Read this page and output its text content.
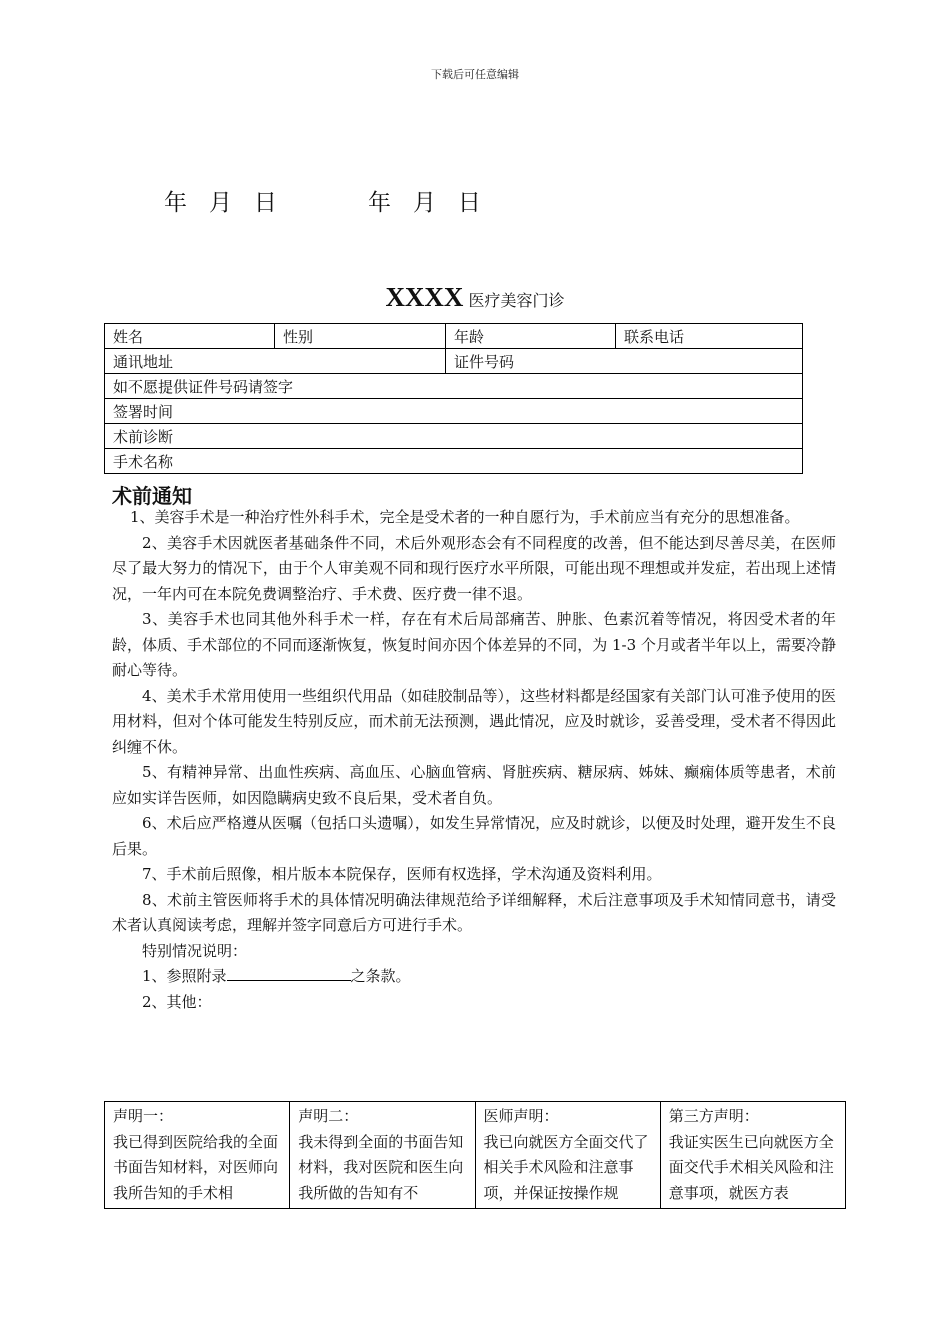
下载后可任意编辑
年 月 日	年 月 日
XXXX 医疗美容门诊
姓名	性别	年龄	联系电话
通讯地址		证件号码	
如不愿提供证件号码请签字			
签署时间			
术前诊断			
手术名称			
术前通知

1、美容手术是一种治疗性外科手术，完全是受术者的一种自愿行为，手术前应当有充分的思想准备。

2、美容手术因就医者基础条件不同，术后外观形态会有不同程度的改善，但不能达到尽善尽美，在医师尽了最大努力的情况下，由于个人审美观不同和现行医疗水平所限，可能出现不理想或并发症，若出现上述情况，一年内可在本院免费调整治疗、手术费、医疗费一律不退。

3、美容手术也同其他外科手术一样，存在有术后局部痛苦、肿胀、色素沉着等情况，将因受术者的年龄，体质、手术部位的不同而逐渐恢复，恢复时间亦因个体差异的不同，为 1-3 个月或者半年以上，需要冷静耐心等待。

4、美术手术常用使用一些组织代用品（如硅胶制品等），这些材料都是经国家有关部门认可准予使用的医用材料，但对个体可能发生特别反应，而术前无法预测，遇此情况，应及时就诊，妥善受理，受术者不得因此纠缠不休。

5、有精神异常、出血性疾病、高血压、心脑血管病、肾脏疾病、糖尿病、姊妹、癫痫体质等患者，术前应如实详告医师，如因隐瞒病史致不良后果，受术者自负。

6、术后应严格遵从医嘱（包括口头遗嘱），如发生异常情况，应及时就诊，以便及时处理，避开发生不良后果。

7、手术前后照像，相片版本本院保存，医师有权选择，学术沟通及资料利用。

8、术前主管医师将手术的具体情况明确法律规范给予详细解释，术后注意事项及手术知情同意书，请受术者认真阅读考虑，理解并签字同意后方可进行手术。

特别情况说明：

1、参照附录	之条款。

2、其他：

声明一：
我已得到医院给我的全面书面告知材料，对医师向我所告知的手术相	
声明二：
我未得到全面的书面告知材料，我对医院和医生向我所做的告知有不	
医师声明：
我已向就医方全面交代了相关手术风险和注意事项，并保证按操作规	
第三方声明：
我证实医生已向就医方全面交代手术相关风险和注意事项，就医方表
